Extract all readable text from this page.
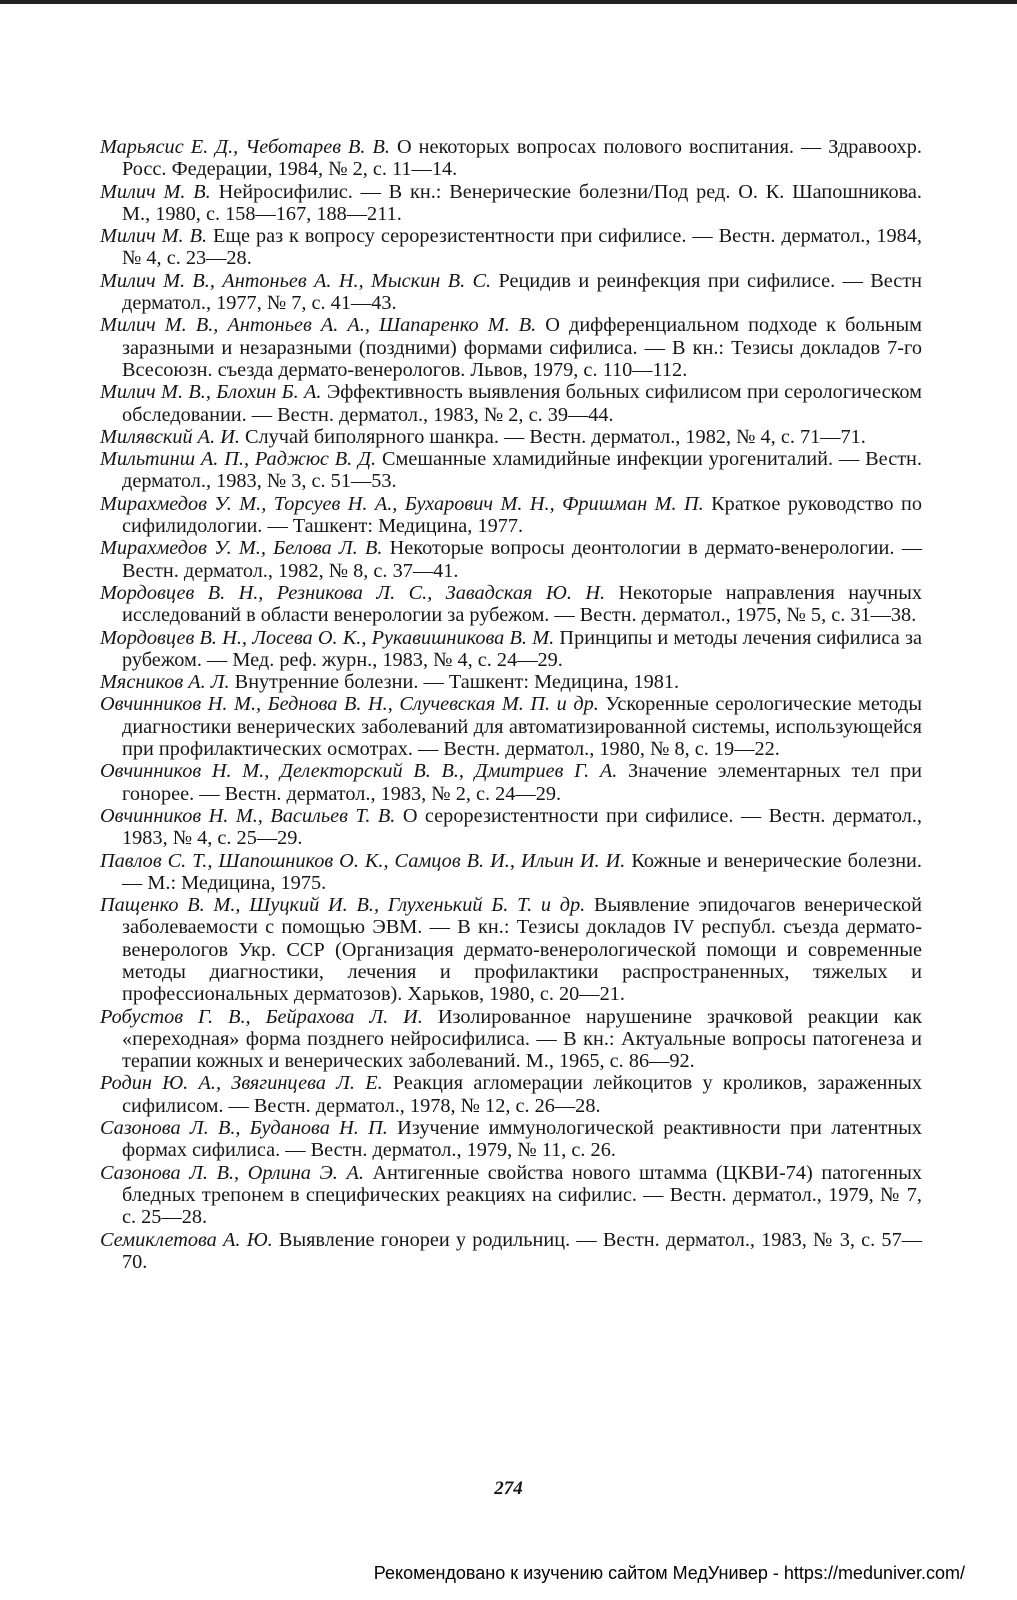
Марьясис Е. Д., Чеботарев В. В. О некоторых вопросах полового воспитания. — Здравоохр. Росс. Федерации, 1984, № 2, с. 11—14.

Милич М. В. Нейросифилис. — В кн.: Венерические болезни/Под ред. О. К. Шапошникова. М., 1980, с. 158—167, 188—211.

Милич М. В. Еще раз к вопросу серорезистентности при сифилисе. — Вестн. дерматол., 1984, № 4, с. 23—28.

Милич М. В., Антоньев А. Н., Мыскин В. С. Рецидив и реинфекция при сифилисе. — Вестн дерматол., 1977, № 7, с. 41—43.

Милич М. В., Антоньев А. А., Шапаренко М. В. О дифференциальном подходе к больным заразными и незаразными (поздними) формами сифилиса. — В кн.: Тезисы докладов 7-го Всесоюзн. съезда дермато-венерологов. Львов, 1979, с. 110—112.

Милич М. В., Блохин Б. А. Эффективность выявления больных сифилисом при серологическом обследовании. — Вестн. дерматол., 1983, № 2, с. 39—44.

Милявский А. И. Случай биполярного шанкра. — Вестн. дерматол., 1982, № 4, с. 71—71.

Мильтинш А. П., Раджюс В. Д. Смешанные хламидийные инфекции урогениталий. — Вестн. дерматол., 1983, № 3, с. 51—53.

Мирахмедов У. М., Торсуев Н. А., Бухарович М. Н., Фришман М. П. Краткое руководство по сифилидологии. — Ташкент: Медицина, 1977.

Мирахмедов У. М., Белова Л. В. Некоторые вопросы деонтологии в дермато-венерологии. — Вестн. дерматол., 1982, № 8, с. 37—41.

Мордовцев В. Н., Резникова Л. С., Завадская Ю. Н. Некоторые направления научных исследований в области венерологии за рубежом. — Вестн. дерматол., 1975, № 5, с. 31—38.

Мордовцев В. Н., Лосева О. К., Рукавишникова В. М. Принципы и методы лечения сифилиса за рубежом. — Мед. реф. журн., 1983, № 4, с. 24—29.

Мясников А. Л. Внутренние болезни. — Ташкент: Медицина, 1981.

Овчинников Н. М., Беднова В. Н., Случевская М. П. и др. Ускоренные серологические методы диагностики венерических заболеваний для автоматизированной системы, использующейся при профилактических осмотрах. — Вестн. дерматол., 1980, № 8, с. 19—22.

Овчинников Н. М., Делекторский В. В., Дмитриев Г. А. Значение элементарных тел при гонорее. — Вестн. дерматол., 1983, № 2, с. 24—29.

Овчинников Н. М., Васильев Т. В. О серорезистентности при сифилисе. — Вестн. дерматол., 1983, № 4, с. 25—29.

Павлов С. Т., Шапошников О. К., Самцов В. И., Ильин И. И. Кожные и венерические болезни. — М.: Медицина, 1975.

Пащенко В. М., Шуцкий И. В., Глухенький Б. Т. и др. Выявление эпидочагов венерической заболеваемости с помощью ЭВМ. — В кн.: Тезисы докладов IV республ. съезда дермато-венерологов Укр. ССР (Организация дермато-венерологической помощи и современные методы диагностики, лечения и профилактики распространенных, тяжелых и профессиональных дерматозов). Харьков, 1980, с. 20—21.

Робустов Г. В., Бейрахова Л. И. Изолированное нарушенине зрачковой реакции как «переходная» форма позднего нейросифилиса. — В кн.: Актуальные вопросы патогенеза и терапии кожных и венерических заболеваний. М., 1965, с. 86—92.

Родин Ю. А., Звягинцева Л. Е. Реакция агломерации лейкоцитов у кроликов, зараженных сифилисом. — Вестн. дерматол., 1978, № 12, с. 26—28.

Сазонова Л. В., Буданова Н. П. Изучение иммунологической реактивности при латентных формах сифилиса. — Вестн. дерматол., 1979, № 11, с. 26.

Сазонова Л. В., Орлина Э. А. Антигенные свойства нового штамма (ЦКВИ-74) патогенных бледных трепонем в специфических реакциях на сифилис. — Вестн. дерматол., 1979, № 7, с. 25—28.

Семиклетова А. Ю. Выявление гонореи у родильниц. — Вестн. дерматол., 1983, № 3, с. 57—70.

274
Рекомендовано к изучению сайтом МедУнивер - https://meduniver.com/
